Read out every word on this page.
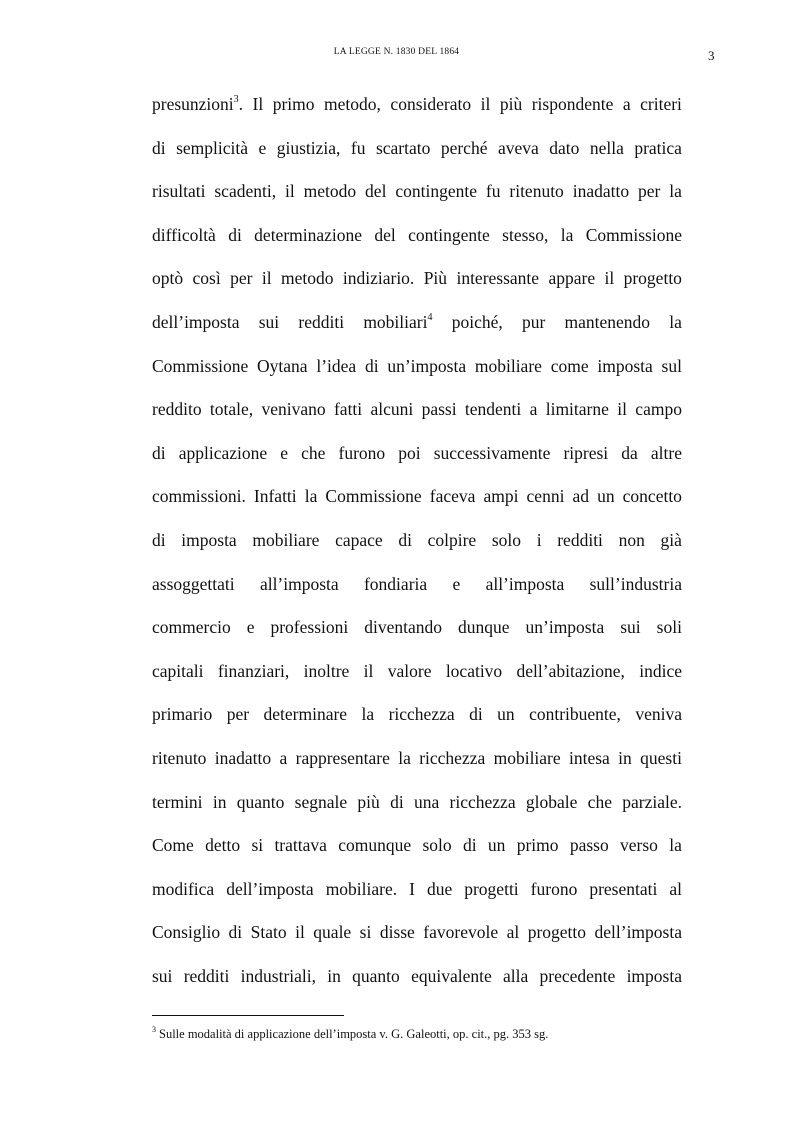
LA LEGGE N. 1830 DEL 1864	3
presunzioni$^3$. Il primo metodo, considerato il più rispondente a criteri
di semplicità e giustizia, fu scartato perché aveva dato nella pratica
risultati scadenti, il metodo del contingente fu ritenuto inadatto per la
difficoltà di determinazione del contingente stesso, la Commissione
optò così per il metodo indiziario. Più interessante appare il progetto
dell’imposta sui redditi mobiliari$^4$ poiché, pur mantenendo la
Commissione Oytana l’idea di un’imposta mobiliare come imposta sul
reddito totale, venivano fatti alcuni passi tendenti a limitarne il campo
di applicazione e che furono poi successivamente ripresi da altre
commissioni. Infatti la Commissione faceva ampi cenni ad un concetto
di imposta mobiliare capace di colpire solo i redditi non già
assoggettati all’imposta fondiaria e all’imposta sull’industria
commercio e professioni diventando dunque un’imposta sui soli
capitali finanziari, inoltre il valore locativo dell’abitazione, indice
primario per determinare la ricchezza di un contribuente, veniva
ritenuto inadatto a rappresentare la ricchezza mobiliare intesa in questi
termini in quanto segnale più di una ricchezza globale che parziale.
Come detto si trattava comunque solo di un primo passo verso la
modifica dell’imposta mobiliare. I due progetti furono presentati al
Consiglio di Stato il quale si disse favorevole al progetto dell’imposta
sui redditi industriali, in quanto equivalente alla precedente imposta
$^3$ Sulle modalità di applicazione dell’imposta v. G. Galeotti, op. cit., pg. 353 sg.
